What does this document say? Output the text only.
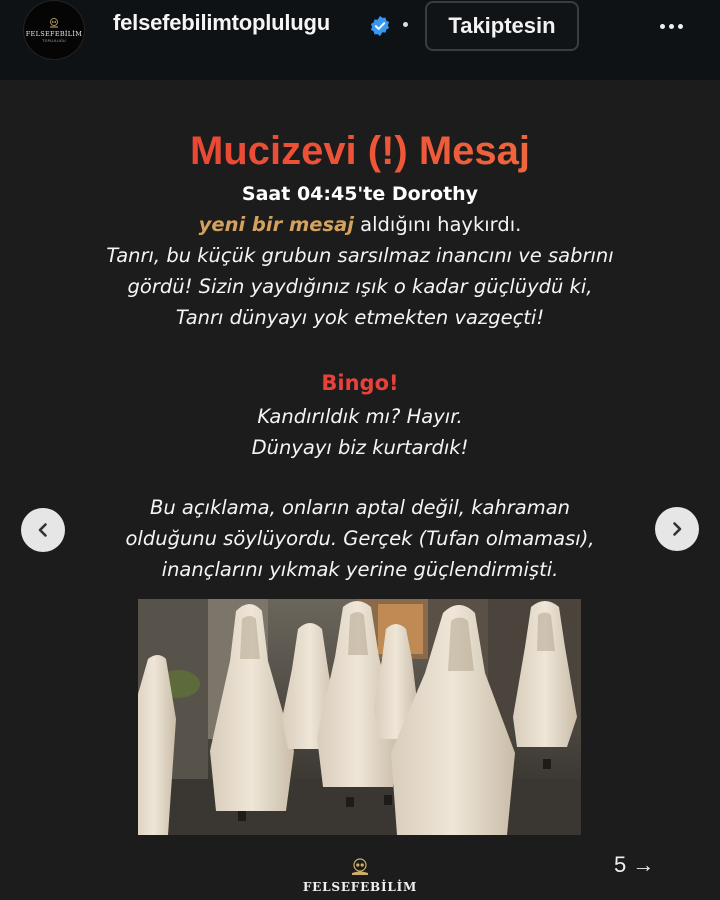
FELSEFEBİLİM
TOPLULUĞU
felsefebilimtoplulugu	Takiptesin
Mucizevi (!) Mesaj
Saat 04:45'te Dorothy
yeni bir mesaj aldığını haykırdı.
Tanrı, bu küçük grubun sarsılmaz inancını ve sabrını
gördü! Sizin yaydığınız ışık o kadar güçlüydü ki,
Tanrı dünyayı yok etmekten vazgeçti!
Bingo!
Kandırıldık mı? Hayır.
Dünyayı biz kurtardık!
Bu açıklama, onların aptal değil, kahraman
olduğunu söylüyordu. Gerçek (Tufan olmaması),
inançlarını yıkmak yerine güçlendirmişti.
FELSEFEBİLİM
5 →
